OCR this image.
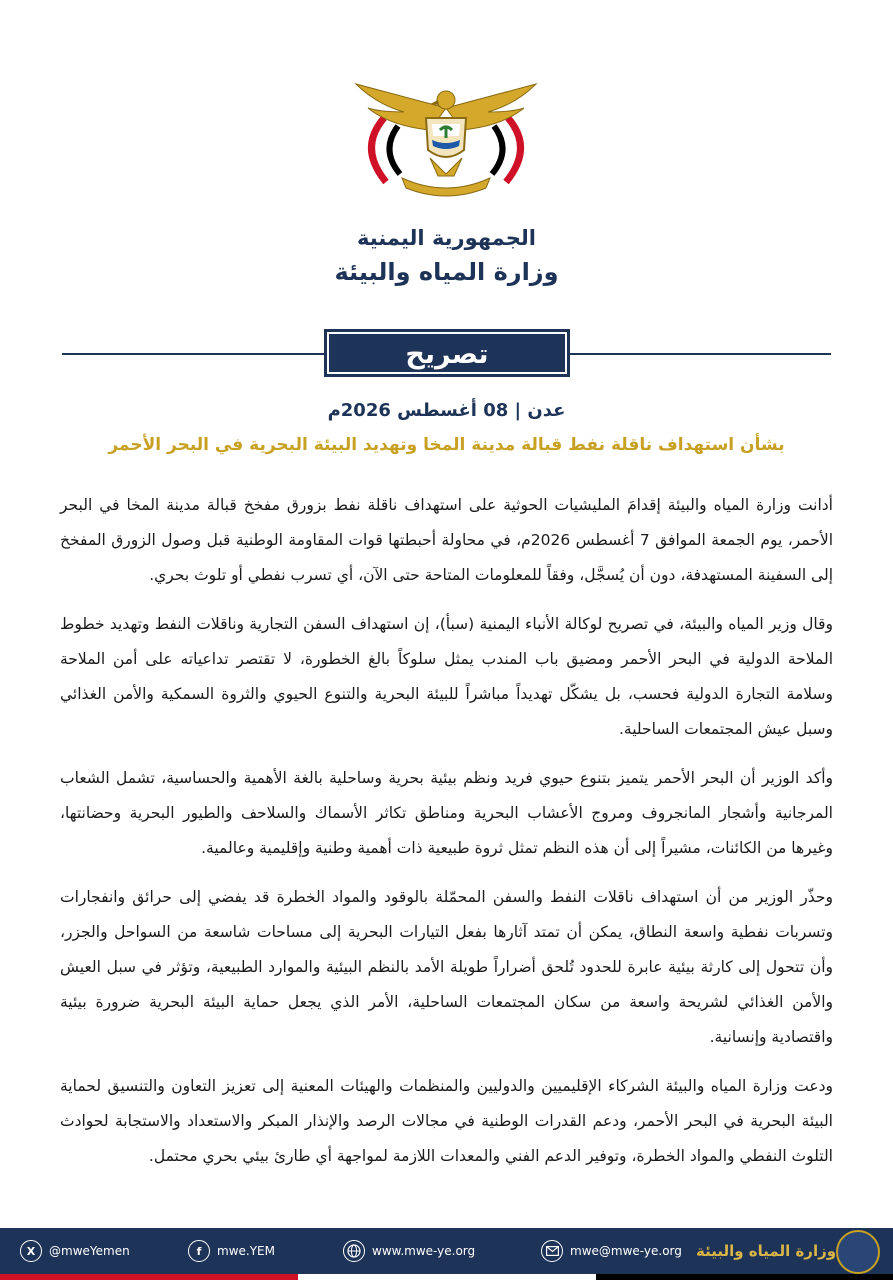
الجمهورية اليمنية
وزارة المياه والبيئة
تصريح
عدن | 08 أغسطس 2026م
بشأن استهداف ناقلة نفط قبالة مدينة المخا وتهديد البيئة البحرية في البحر الأحمر

أدانت وزارة المياه والبيئة إقدامَ المليشيات الحوثية على استهداف ناقلة نفط بزورق مفخخ قبالة مدينة المخا في البحر الأحمر، يوم الجمعة الموافق 7 أغسطس 2026م، في محاولة أحبطتها قوات المقاومة الوطنية قبل وصول الزورق المفخخ إلى السفينة المستهدفة، دون أن يُسجَّل، وفقاً للمعلومات المتاحة حتى الآن، أي تسرب نفطي أو تلوث بحري.

وقال وزير المياه والبيئة، في تصريح لوكالة الأنباء اليمنية (سبأ)، إن استهداف السفن التجارية وناقلات النفط وتهديد خطوط الملاحة الدولية في البحر الأحمر ومضيق باب المندب يمثل سلوكاً بالغ الخطورة، لا تقتصر تداعياته على أمن الملاحة وسلامة التجارة الدولية فحسب، بل يشكّل تهديداً مباشراً للبيئة البحرية والتنوع الحيوي والثروة السمكية والأمن الغذائي وسبل عيش المجتمعات الساحلية.

وأكد الوزير أن البحر الأحمر يتميز بتنوع حيوي فريد ونظم بيئية بحرية وساحلية بالغة الأهمية والحساسية، تشمل الشعاب المرجانية وأشجار المانجروف ومروج الأعشاب البحرية ومناطق تكاثر الأسماك والسلاحف والطيور البحرية وحضانتها، وغيرها من الكائنات، مشيراً إلى أن هذه النظم تمثل ثروة طبيعية ذات أهمية وطنية وإقليمية وعالمية.

وحذّر الوزير من أن استهداف ناقلات النفط والسفن المحمّلة بالوقود والمواد الخطرة قد يفضي إلى حرائق وانفجارات وتسربات نفطية واسعة النطاق، يمكن أن تمتد آثارها بفعل التيارات البحرية إلى مساحات شاسعة من السواحل والجزر، وأن تتحول إلى كارثة بيئية عابرة للحدود تُلحق أضراراً طويلة الأمد بالنظم البيئية والموارد الطبيعية، وتؤثر في سبل العيش والأمن الغذائي لشريحة واسعة من سكان المجتمعات الساحلية، الأمر الذي يجعل حماية البيئة البحرية ضرورة بيئية واقتصادية وإنسانية.

ودعت وزارة المياه والبيئة الشركاء الإقليميين والدوليين والمنظمات والهيئات المعنية إلى تعزيز التعاون والتنسيق لحماية البيئة البحرية في البحر الأحمر، ودعم القدرات الوطنية في مجالات الرصد والإنذار المبكر والاستعداد والاستجابة لحوادث التلوث النفطي والمواد الخطرة، وتوفير الدعم الفني والمعدات اللازمة لمواجهة أي طارئ بيئي بحري محتمل.

X	@mweYemen	f	mwe.YEM	www.mwe-ye.org	mwe@mwe-ye.org وزارة المياه والبيئة
